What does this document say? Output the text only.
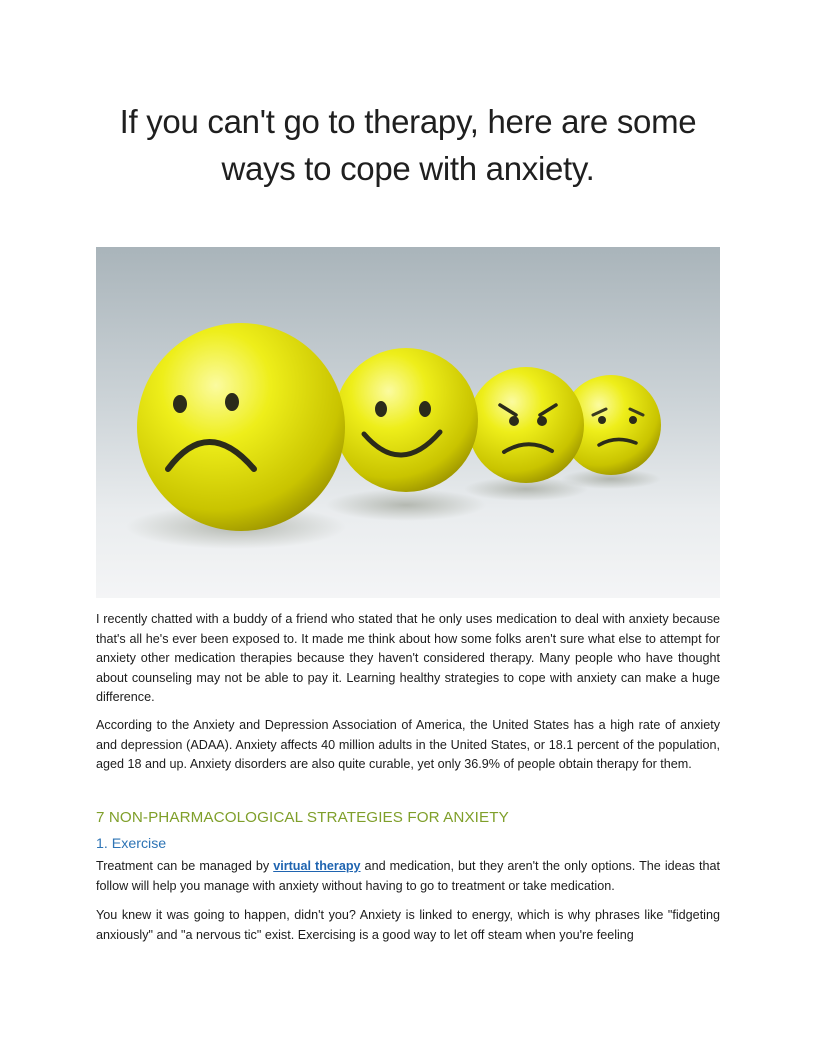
If you can't go to therapy, here are some
ways to cope with anxiety.

I recently chatted with a buddy of a friend who stated that he only uses medication to deal with anxiety because that's all he's ever been exposed to. It made me think about how some folks aren't sure what else to attempt for anxiety other medication therapies because they haven't considered therapy. Many people who have thought about counseling may not be able to pay it. Learning healthy strategies to cope with anxiety can make a huge difference.

According to the Anxiety and Depression Association of America, the United States has a high rate of anxiety and depression (ADAA). Anxiety affects 40 million adults in the United States, or 18.1 percent of the population, aged 18 and up. Anxiety disorders are also quite curable, yet only 36.9% of people obtain therapy for them.

7 NON-PHARMACOLOGICAL STRATEGIES FOR ANXIETY
1. Exercise

Treatment can be managed by virtual therapy and medication, but they aren't the only options. The ideas that follow will help you manage with anxiety without having to go to treatment or take medication.

You knew it was going to happen, didn't you? Anxiety is linked to energy, which is why phrases like "fidgeting anxiously" and "a nervous tic" exist. Exercising is a good way to let off steam when you're feeling
